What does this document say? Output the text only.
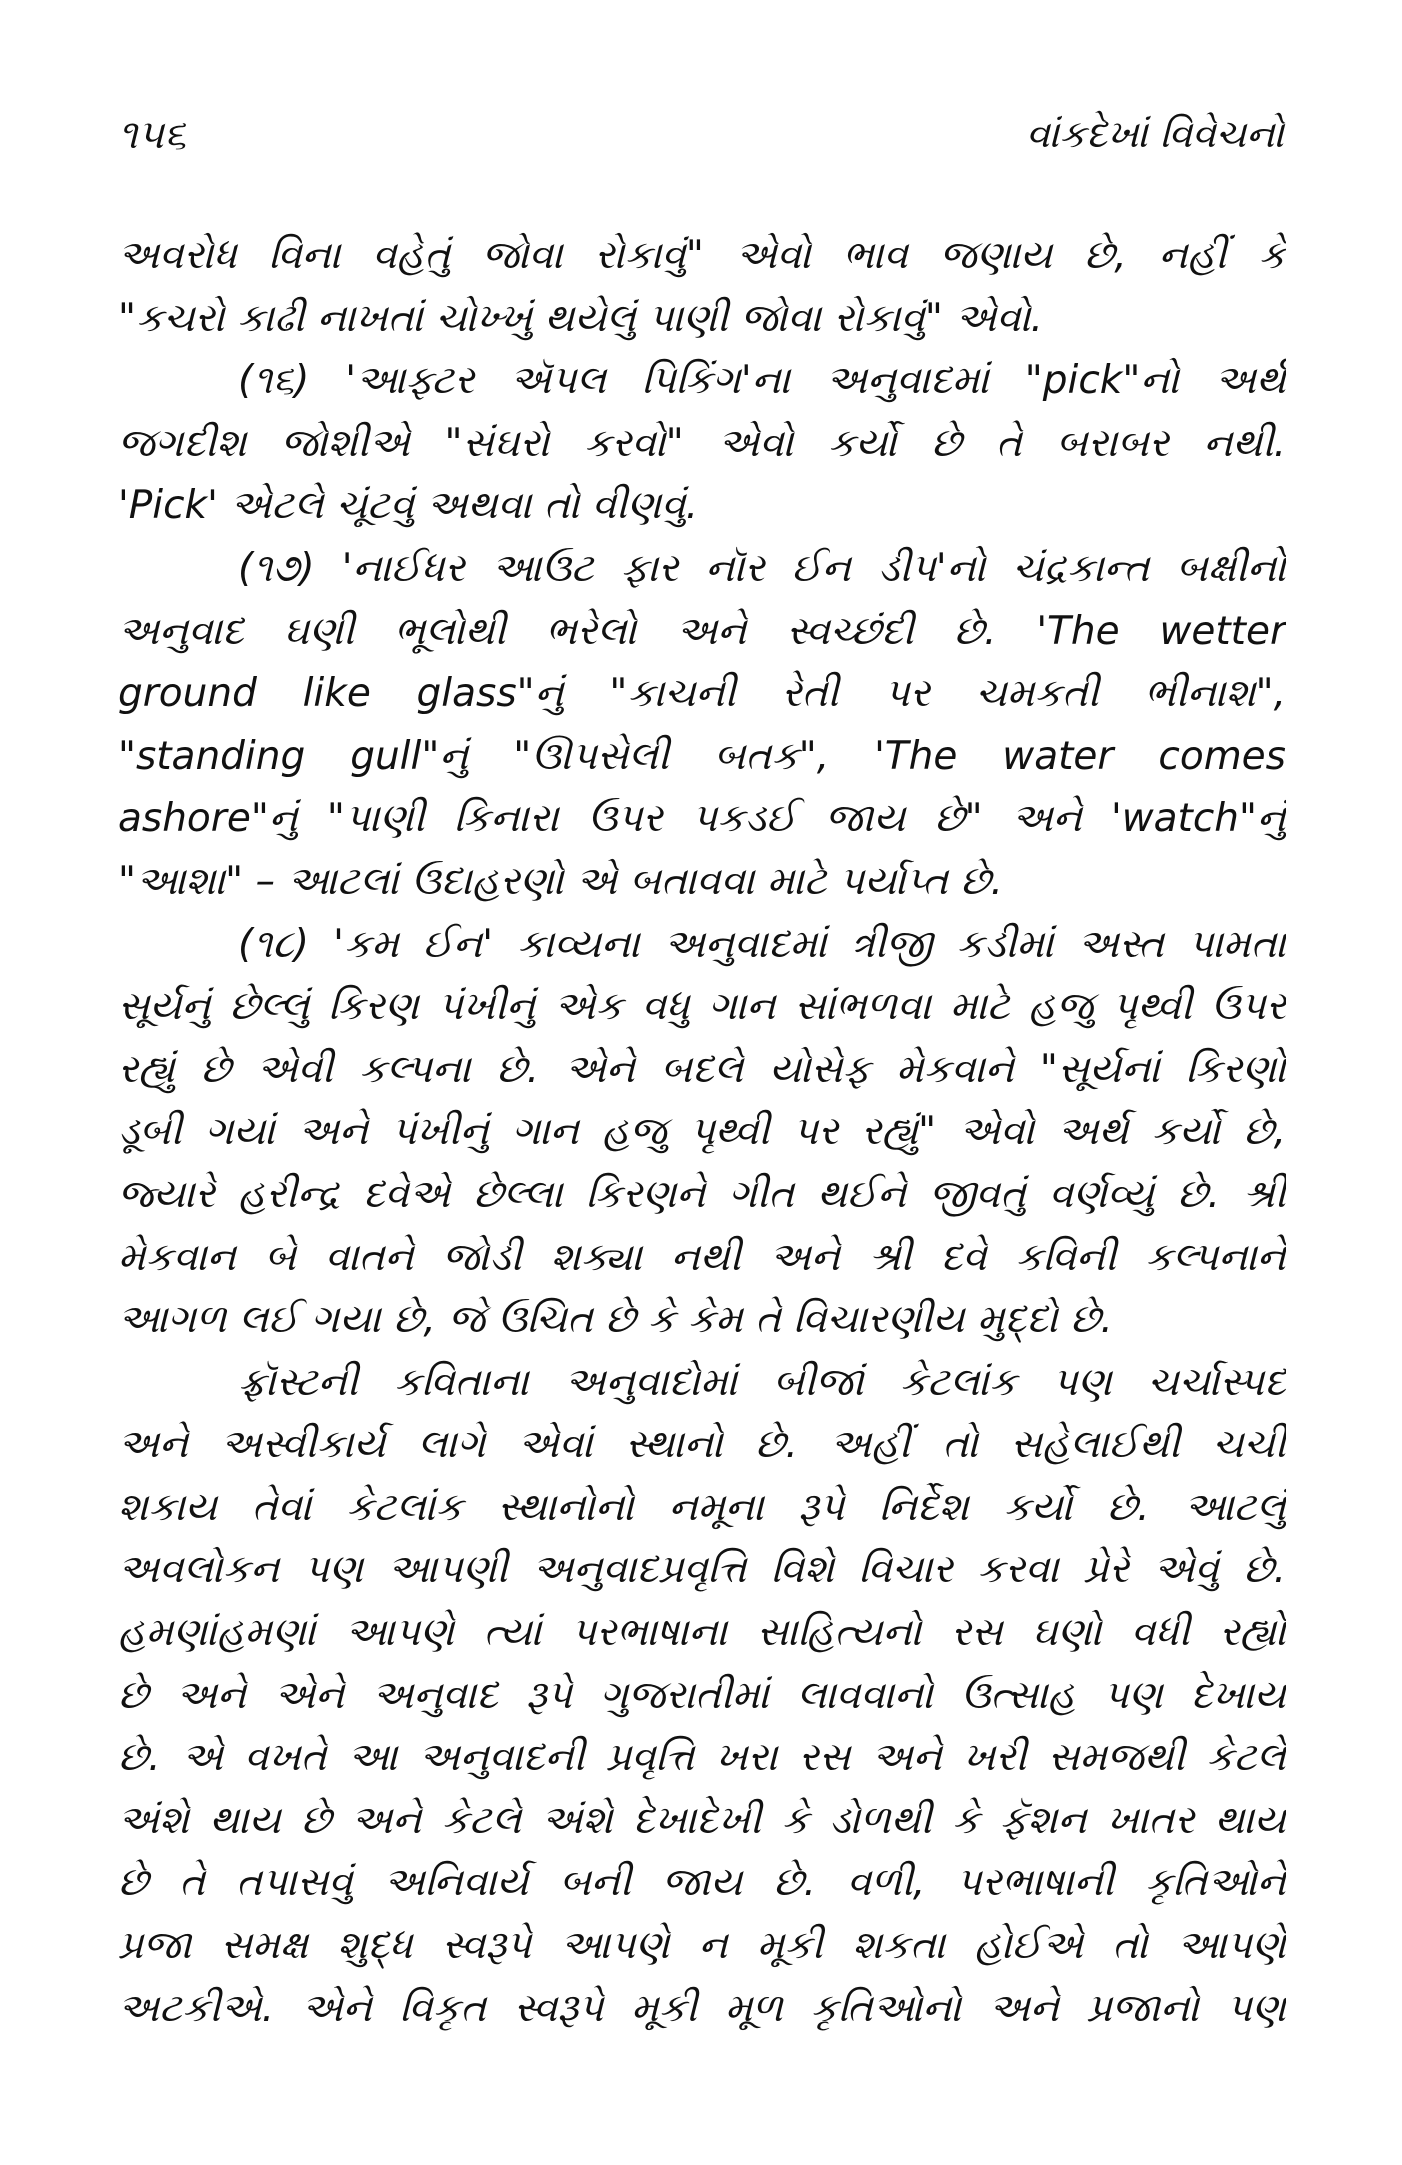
૧૫૬	વાંકદેખાં વિવેચનો
અવરોધ વિના વહેતું જોવા રોકાવું" એવો ભાવ જણાય છે, નહીં કે
"કચરો કાઢી નાખતાં ચોખ્ખું થયેલું પાણી જોવા રોકાવું" એવો.
(૧૬) 'આફ્ટર ઍપલ પિકિંગ'ના અનુવાદમાં "pick"નો અર્થ
જગદીશ જોશીએ "સંઘરો કરવો" એવો કર્યો છે તે બરાબર નથી.
'Pick' એટલે ચૂંટવું અથવા તો વીણવું.
(૧૭) 'નાઈધર આઉટ ફાર નૉર ઈન ડીપ'નો ચંદ્રકાન્ત બક્ષીનો
અનુવાદ ઘણી ભૂલોથી ભરેલો અને સ્વચ્છંદી છે. 'The wetter
ground like glass"નું "કાચની રેતી પર ચમકતી ભીનાશ",
"standing gull"નું "ઊપસેલી બતક", 'The water comes
ashore"નું "પાણી કિનારા ઉપર પકડઈ જાય છે" અને 'watch"નું
"આશા" – આટલાં ઉદાહરણો એ બતાવવા માટે પર્યાપ્ત છે.
(૧૮) 'કમ ઈન' કાવ્યના અનુવાદમાં ત્રીજી કડીમાં અસ્ત પામતા
સૂર્યનું છેલ્લું કિરણ પંખીનું એક વધુ ગાન સાંભળવા માટે હજુ પૃથ્વી ઉપર
રહ્યું છે એવી કલ્પના છે. એને બદલે યોસેફ મેકવાને "સૂર્યનાં કિરણો
ડૂબી ગયાં અને પંખીનું ગાન હજુ પૃથ્વી પર રહ્યું" એવો અર્થ કર્યો છે,
જ્યારે હરીન્દ્ર દવેએ છેલ્લા કિરણને ગીત થઈને જીવતું વર્ણવ્યું છે. શ્રી
મેકવાન બે વાતને જોડી શક્યા નથી અને શ્રી દવે કવિની કલ્પનાને
આગળ લઈ ગયા છે, જે ઉચિત છે કે કેમ તે વિચારણીય મુદ્દો છે.
ફ્રૉસ્ટની કવિતાના અનુવાદોમાં બીજાં કેટલાંક પણ ચર્ચાસ્પદ
અને અસ્વીકાર્ય લાગે એવાં સ્થાનો છે. અહીં તો સહેલાઈથી ચર્ચી
શકાય તેવાં કેટલાંક સ્થાનોનો નમૂના રૂપે નિર્દેશ કર્યો છે. આટલું
અવલોકન પણ આપણી અનુવાદપ્રવૃત્તિ વિશે વિચાર કરવા પ્રેરે એવું છે.
હમણાંહમણાં આપણે ત્યાં પરભાષાના સાહિત્યનો રસ ઘણો વધી રહ્યો
છે અને એને અનુવાદ રૂપે ગુજરાતીમાં લાવવાનો ઉત્સાહ પણ દેખાય
છે. એ વખતે આ અનુવાદની પ્રવૃત્તિ ખરા રસ અને ખરી સમજથી કેટલે
અંશે થાય છે અને કેટલે અંશે દેખાદેખી કે ડોળથી કે ફૅશન ખાતર થાય
છે તે તપાસવું અનિવાર્ય બની જાય છે. વળી, પરભાષાની કૃતિઓને
પ્રજા સમક્ષ શુદ્ધ સ્વરૂપે આપણે ન મૂકી શકતા હોઈએ તો આપણે
અટકીએ. એને વિકૃત સ્વરૂપે મૂકી મૂળ કૃતિઓનો અને પ્રજાનો પણ
